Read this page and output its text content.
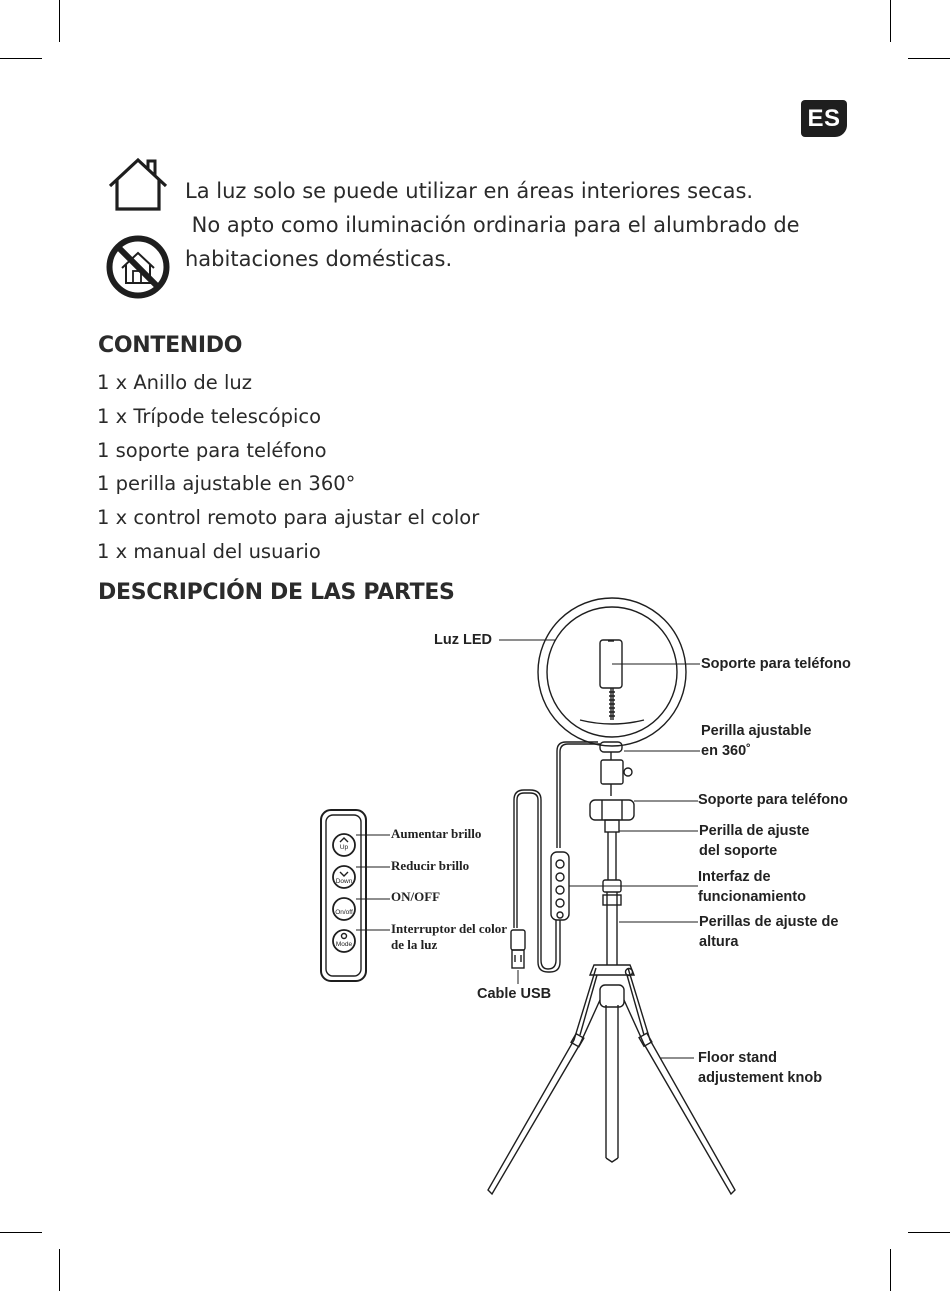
ES

La luz solo se puede utilizar en áreas interiores secas.

No apto como iluminación ordinaria para el alumbrado de

habitaciones domésticas.

CONTENIDO
1 x Anillo de luz
1 x Trípode telescópico
1 soporte para teléfono
1 perilla ajustable en 360°
1 x control remoto para ajustar el color
1 x manual del usuario
DESCRIPCIÓN DE LAS PARTES
Up
Down
On/off
Mode
Luz LED
Soporte para teléfono
Perilla ajustable
en 360˚
Soporte para teléfono
Perilla de ajuste
del soporte
Interfaz de
funcionamiento
Perillas de ajuste de
altura
Floor stand
adjustement knob
Cable USB
Aumentar brillo
Reducir brillo
ON/OFF
Interruptor del color
de la luz
